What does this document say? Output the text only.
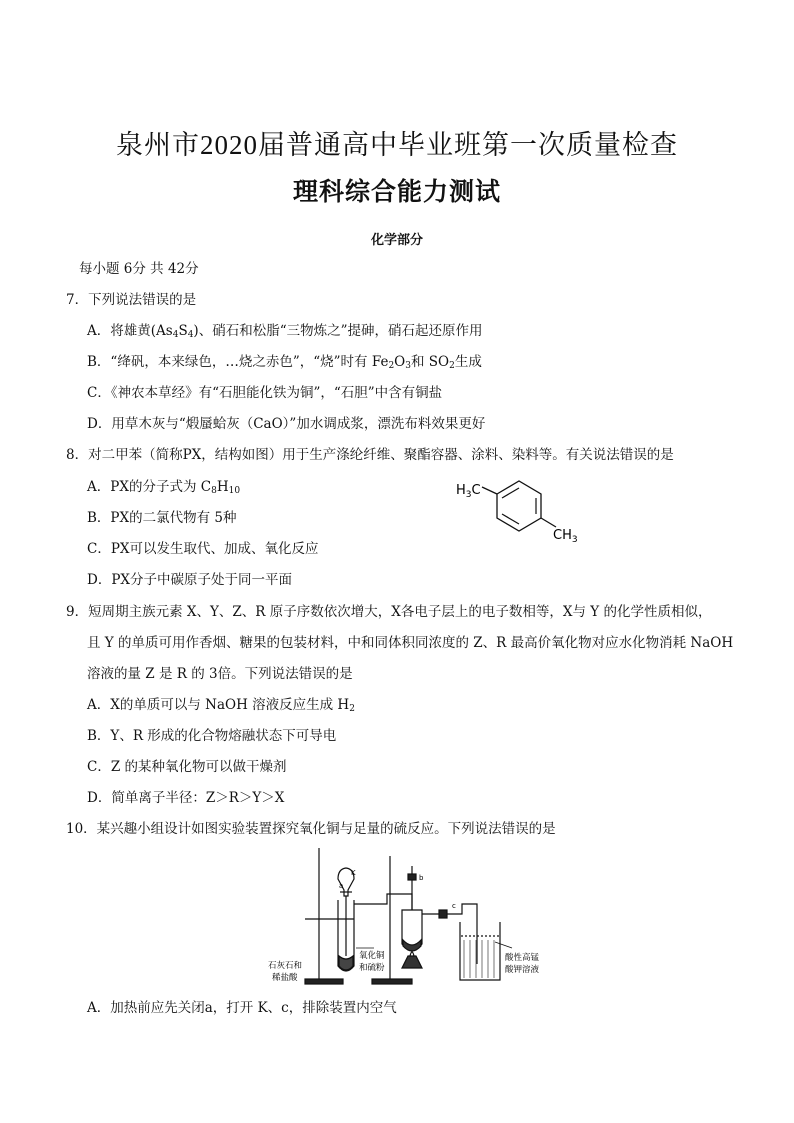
泉州市2020届普通高中毕业班第一次质量检查
理科综合能力测试
化学部分
每小题 6分 共 42分
7．下列说法错误的是
A．将雄黄$(As_4S_4)$、硝石和松脂“三物炼之”提砷，硝石起还原作用
B．“绛矾，本来绿色，…烧之赤色”，“烧”时有 $Fe_2O_3$和 $SO_2$生成
C．《神农本草经》有“石胆能化铁为铜”，“石胆”中含有铜盐
D．用草木灰与“煅蜃蛤灰（CaO）”加水调成浆，漂洗布料效果更好
8．对二甲苯（简称PX，结构如图）用于生产涤纶纤维、聚酯容器、涂料、染料等。有关说法错误的是
A．PX的分子式为 $C_8H_{10}$
B．PX的二氯代物有 5种
C．PX可以发生取代、加成、氧化反应
D．PX分子中碳原子处于同一平面
$H_3C$
$CH_3$
9．短周期主族元素 X、Y、Z、R 原子序数依次增大，X各电子层上的电子数相等，X与 Y 的化学性质相似，
且 Y 的单质可用作香烟、糖果的包装材料，中和同体积同浓度的 Z、R 最高价氧化物对应水化物消耗 NaOH
溶液的量 Z 是 R 的 3倍。下列说法错误的是
A．X的单质可以与 NaOH 溶液反应生成 $H_2$
B．Y、R 形成的化合物熔融状态下可导电
C．Z 的某种氧化物可以做干燥剂
D．简单离子半径：Z＞R＞Y＞X
10．某兴趣小组设计如图实验装置探究氧化铜与足量的硫反应。下列说法错误的是
K
a
b
c
石灰石和
稀盐酸
氧化铜
和硫粉
酸性高锰
酸钾溶液
A．加热前应先关闭a，打开 K、c，排除装置内空气
